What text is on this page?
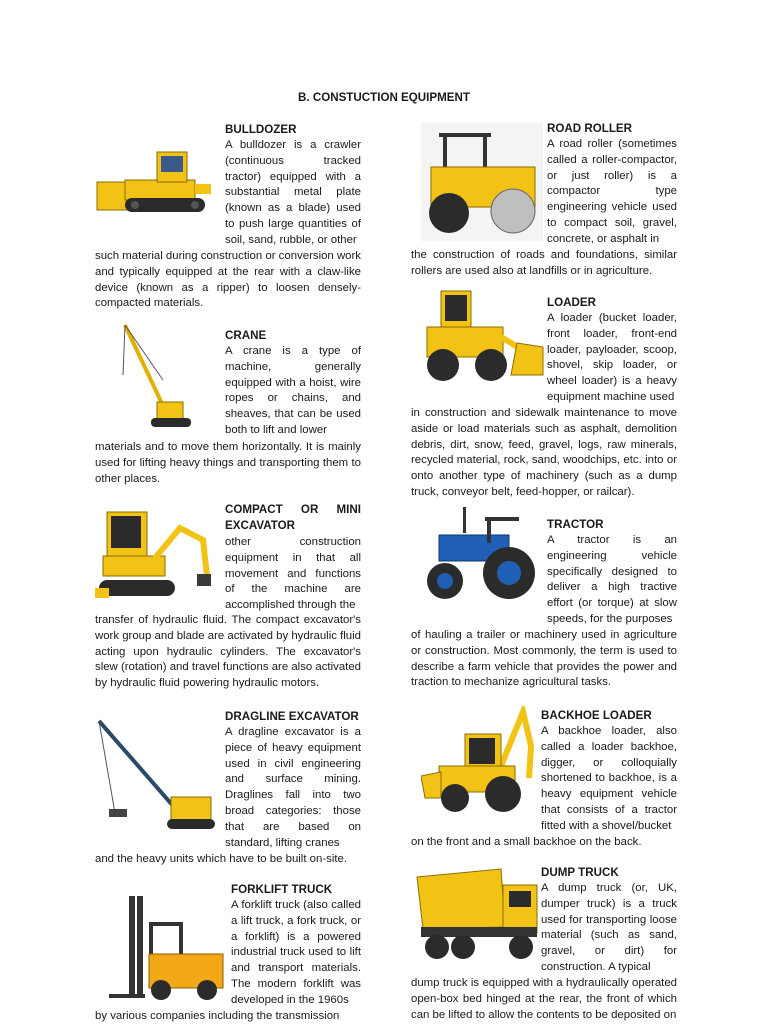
B. CONSTUCTION EQUIPMENT
BULLDOZER
A bulldozer is a crawler
(continuous tracked
tractor) equipped with a
substantial metal plate
(known as a blade) used
to push large quantities of
soil, sand, rubble, or other
such material during construction or conversion work
and typically equipped at the rear with a claw-like
device (known as a ripper) to loosen densely-
compacted materials.
CRANE
A crane is a type of
machine, generally
equipped with a hoist, wire
ropes or chains, and
sheaves, that can be used
both to lift and lower
materials and to move them horizontally. It is mainly
used for lifting heavy things and transporting them to
other places.
COMPACT OR MINI
EXCAVATOR
other construction
equipment in that all
movement and functions
of the machine are
accomplished through the
transfer of hydraulic fluid. The compact excavator's
work group and blade are activated by hydraulic fluid
acting upon hydraulic cylinders. The excavator's
slew (rotation) and travel functions are also activated
by hydraulic fluid powering hydraulic motors.
DRAGLINE EXCAVATOR
A dragline excavator is a
piece of heavy equipment
used in civil engineering
and surface mining.
Draglines fall into two
broad categories: those
that are based on
standard, lifting cranes
and the heavy units which have to be built on-site.
FORKLIFT TRUCK
A forklift truck (also called
a lift truck, a fork truck, or
a forklift) is a powered
industrial truck used to lift
and transport materials.
The modern forklift was
developed in the 1960s
by various companies including the transmission
ROAD ROLLER
A road roller (sometimes
called a roller-compactor,
or just roller) is a
compactor type
engineering vehicle used
to compact soil, gravel,
concrete, or asphalt in
the construction of roads and foundations, similar
rollers are used also at landfills or in agriculture.
LOADER
A loader (bucket loader,
front loader, front-end
loader, payloader, scoop,
shovel, skip loader, or
wheel loader) is a heavy
equipment machine used
in construction and sidewalk maintenance to move
aside or load materials such as asphalt, demolition
debris, dirt, snow, feed, gravel, logs, raw minerals,
recycled material, rock, sand, woodchips, etc. into or
onto another type of machinery (such as a dump
truck, conveyor belt, feed-hopper, or railcar).
TRACTOR
A tractor is an
engineering vehicle
specifically designed to
deliver a high tractive
effort (or torque) at slow
speeds, for the purposes
of hauling a trailer or machinery used in agriculture
or construction. Most commonly, the term is used to
describe a farm vehicle that provides the power and
traction to mechanize agricultural tasks.
BACKHOE LOADER
A backhoe loader, also
called a loader backhoe,
digger, or colloquially
shortened to backhoe, is a
heavy equipment vehicle
that consists of a tractor
fitted with a shovel/bucket
on the front and a small backhoe on the back.
DUMP TRUCK
A dump truck (or, UK,
dumper truck) is a truck
used for transporting loose
material (such as sand,
gravel, or dirt) for
construction. A typical
dump truck is equipped with a hydraulically operated
open-box bed hinged at the rear, the front of which
can be lifted to allow the contents to be deposited on
